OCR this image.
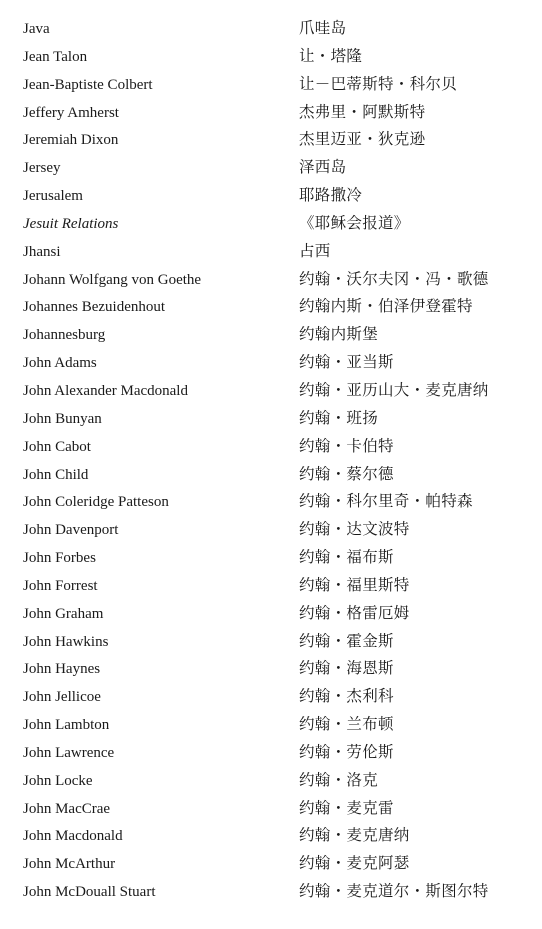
Java	爪哇岛
Jean Talon	让・塔隆
Jean-Baptiste Colbert	让－巴蒂斯特・科尔贝
Jeffery Amherst	杰弗里・阿默斯特
Jeremiah Dixon	杰里迈亚・狄克逊
Jersey	泽西岛
Jerusalem	耶路撒冷
Jesuit Relations	《耶稣会报道》
Jhansi	占西
Johann Wolfgang von Goethe	约翰・沃尔夫冈・冯・歌德
Johannes Bezuidenhout	约翰内斯・伯泽伊登霍特
Johannesburg	约翰内斯堡
John Adams	约翰・亚当斯
John Alexander Macdonald	约翰・亚历山大・麦克唐纳
John Bunyan	约翰・班扬
John Cabot	约翰・卡伯特
John Child	约翰・蔡尔德
John Coleridge Patteson	约翰・科尔里奇・帕特森
John Davenport	约翰・达文波特
John Forbes	约翰・福布斯
John Forrest	约翰・福里斯特
John Graham	约翰・格雷厄姆
John Hawkins	约翰・霍金斯
John Haynes	约翰・海恩斯
John Jellicoe	约翰・杰利科
John Lambton	约翰・兰布顿
John Lawrence	约翰・劳伦斯
John Locke	约翰・洛克
John MacCrae	约翰・麦克雷
John Macdonald	约翰・麦克唐纳
John McArthur	约翰・麦克阿瑟
John McDouall Stuart	约翰・麦克道尔・斯图尔特
